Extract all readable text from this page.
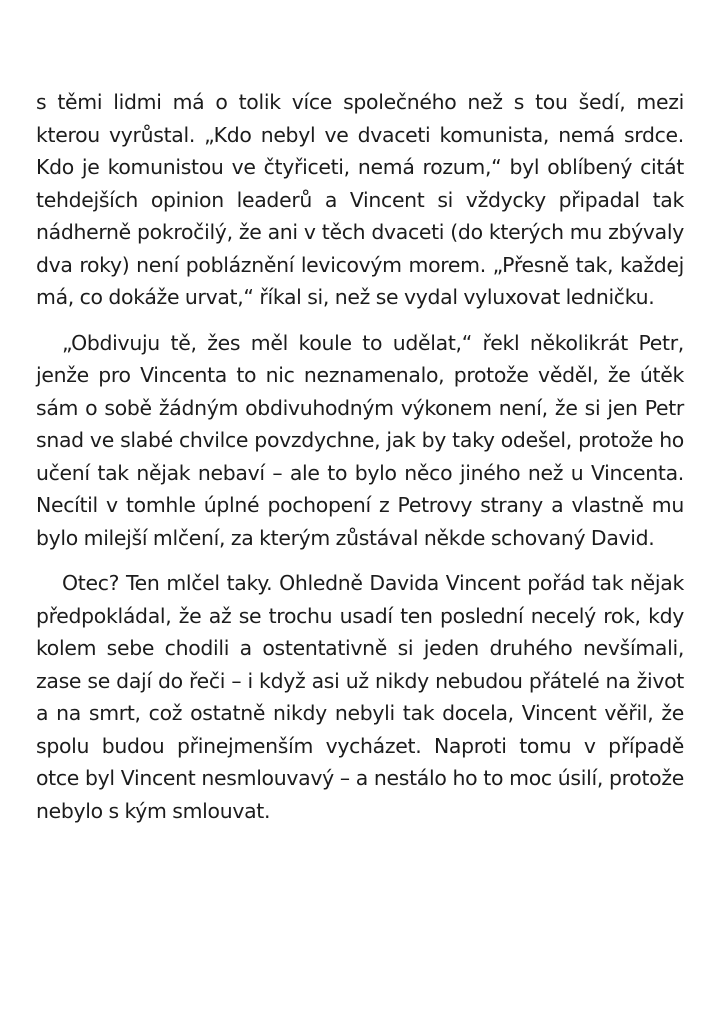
s těmi lidmi má o tolik více společného než s tou šedí, mezi kterou vyrůstal. „Kdo nebyl ve dvaceti komunista, nemá srdce. Kdo je komunistou ve čtyřiceti, nemá rozum,“ byl oblíbený citát tehdejších opinion leaderů a Vincent si vždycky připadal tak nádherně pokročilý, že ani v těch dvaceti (do kterých mu zbývaly dva roky) není pobláznění levicovým morem. „Přesně tak, každej má, co dokáže urvat,“ říkal si, než se vydal vyluxovat ledničku.

„Obdivuju tě, žes měl koule to udělat,“ řekl několikrát Petr, jenže pro Vincenta to nic neznamenalo, protože věděl, že útěk sám o sobě žádným obdivuhodným výkonem není, že si jen Petr snad ve slabé chvilce povzdychne, jak by taky odešel, protože ho učení tak nějak nebaví – ale to bylo něco jiného než u Vincenta. Necítil v tomhle úplné pochopení z Petrovy strany a vlastně mu bylo milejší mlčení, za kterým zůstával někde schovaný David.

Otec? Ten mlčel taky. Ohledně Davida Vincent pořád tak nějak předpokládal, že až se trochu usadí ten poslední necelý rok, kdy kolem sebe chodili a ostentativně si jeden druhého nevšímali, zase se dají do řeči – i když asi už nikdy nebudou přátelé na život a na smrt, což ostatně nikdy nebyli tak docela, Vincent věřil, že spolu budou přinejmenším vycházet. Naproti tomu v případě otce byl Vincent nesmlouvavý – a nestálo ho to moc úsilí, protože nebylo s kým smlouvat.
